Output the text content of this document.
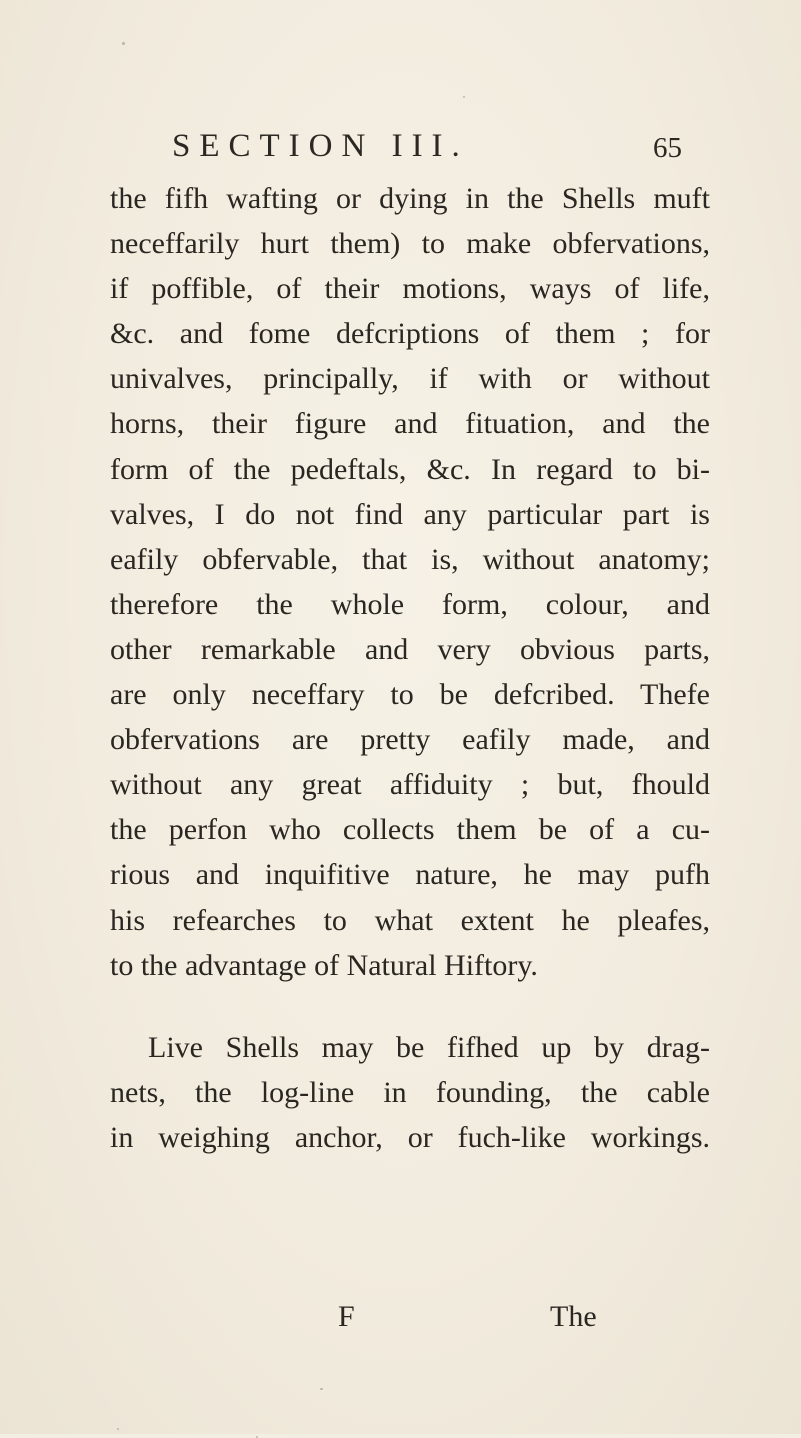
SECTION III.	65
the fifh wafting or dying in the Shells muft
neceffarily hurt them) to make obfervations,
if poffible, of their motions, ways of life,
&c. and fome defcriptions of them ; for
univalves, principally, if with or without
horns, their figure and fituation, and the
form of the pedeftals, &c. In regard to bi-
valves, I do not find any particular part is
eafily obfervable, that is, without anatomy;
therefore the whole form, colour, and
other remarkable and very obvious parts,
are only neceffary to be defcribed. Thefe
obfervations are pretty eafily made, and
without any great affiduity ; but, fhould
the perfon who collects them be of a cu-
rious and inquifitive nature, he may pufh
his refearches to what extent he pleafes,
to the advantage of Natural Hiftory.
Live Shells may be fifhed up by drag-
nets, the log-line in founding, the cable
in weighing anchor, or fuch-like workings.
F	The
